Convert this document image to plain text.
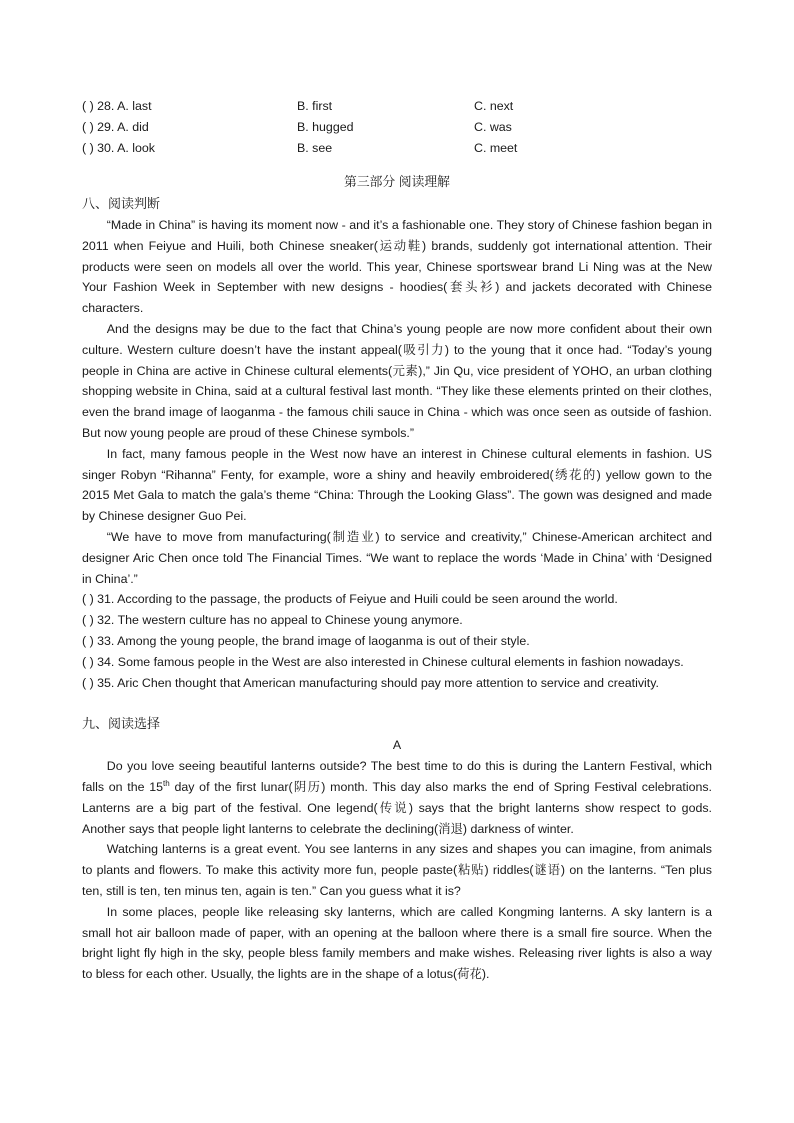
( ) 28. A. last	B. first	C. next
( ) 29. A. did	B. hugged	C. was
( ) 30. A. look	B. see	C. meet
第三部分 阅读理解
八、阅读判断

“Made in China” is having its moment now - and it’s a fashionable one. They story of Chinese fashion began in 2011 when Feiyue and Huili, both Chinese sneaker(运动鞋) brands, suddenly got international attention. Their products were seen on models all over the world. This year, Chinese sportswear brand Li Ning was at the New Your Fashion Week in September with new designs - hoodies(套头衫) and jackets decorated with Chinese characters.

And the designs may be due to the fact that China’s young people are now more confident about their own culture. Western culture doesn’t have the instant appeal(吸引力) to the young that it once had. “Today’s young people in China are active in Chinese cultural elements(元素),” Jin Qu, vice president of YOHO, an urban clothing shopping website in China, said at a cultural festival last month. “They like these elements printed on their clothes, even the brand image of laoganma - the famous chili sauce in China - which was once seen as outside of fashion. But now young people are proud of these Chinese symbols.”

In fact, many famous people in the West now have an interest in Chinese cultural elements in fashion. US singer Robyn “Rihanna” Fenty, for example, wore a shiny and heavily embroidered(绣花的) yellow gown to the 2015 Met Gala to match the gala’s theme “China: Through the Looking Glass”. The gown was designed and made by Chinese designer Guo Pei.

“We have to move from manufacturing(制造业) to service and creativity,” Chinese-American architect and designer Aric Chen once told The Financial Times. “We want to replace the words ‘Made in China’ with ‘Designed in China’.”

( ) 31. According to the passage, the products of Feiyue and Huili could be seen around the world.

( ) 32. The western culture has no appeal to Chinese young anymore.

( ) 33. Among the young people, the brand image of laoganma is out of their style.

( ) 34. Some famous people in the West are also interested in Chinese cultural elements in fashion nowadays.

( ) 35. Aric Chen thought that American manufacturing should pay more attention to service and creativity.

九、阅读选择
A

Do you love seeing beautiful lanterns outside? The best time to do this is during the Lantern Festival, which falls on the 15th day of the first lunar(阴历) month. This day also marks the end of Spring Festival celebrations. Lanterns are a big part of the festival. One legend(传说) says that the bright lanterns show respect to gods. Another says that people light lanterns to celebrate the declining(消退) darkness of winter.

Watching lanterns is a great event. You see lanterns in any sizes and shapes you can imagine, from animals to plants and flowers. To make this activity more fun, people paste(粘贴) riddles(谜语) on the lanterns. “Ten plus ten, still is ten, ten minus ten, again is ten.” Can you guess what it is?

In some places, people like releasing sky lanterns, which are called Kongming lanterns. A sky lantern is a small hot air balloon made of paper, with an opening at the balloon where there is a small fire source. When the bright light fly high in the sky, people bless family members and make wishes. Releasing river lights is also a way to bless for each other. Usually, the lights are in the shape of a lotus(荷花).
